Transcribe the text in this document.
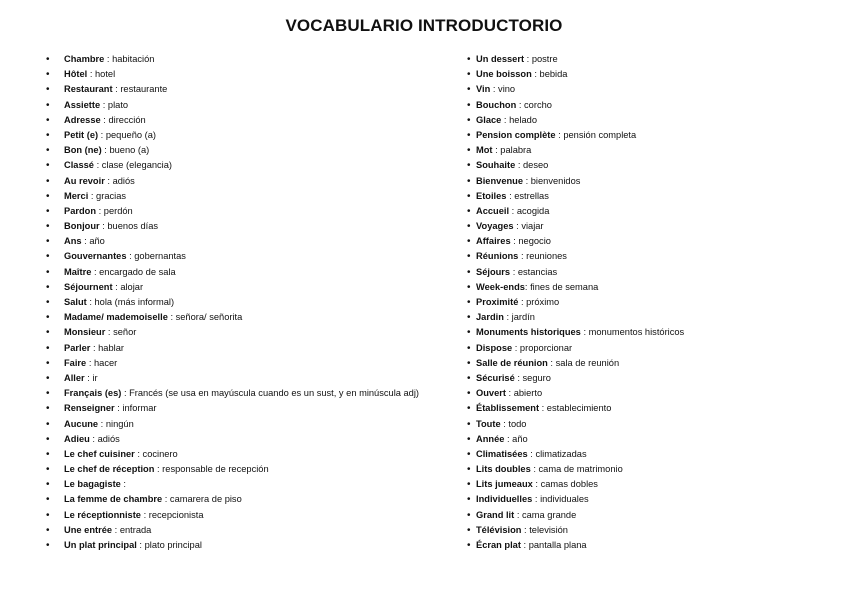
VOCABULARIO INTRODUCTORIO
• Chambre : habitación
• Hôtel : hotel
• Restaurant : restaurante
• Assiette : plato
• Adresse : dirección
• Petit (e) : pequeño (a)
• Bon (ne) : bueno (a)
• Classé : clase (elegancia)
• Au revoir : adiós
• Merci : gracias
• Pardon : perdón
• Bonjour : buenos días
• Ans : año
• Gouvernantes : gobernantas
• Maître : encargado de sala
• Séjournent : alojar
• Salut : hola (más informal)
• Madame/ mademoiselle : señora/ señorita
• Monsieur : señor
• Parler : hablar
• Faire : hacer
• Aller : ir
• Français (es) : Francés (se usa en mayúscula cuando es un sust, y en minúscula adj)
• Renseigner : informar
• Aucune : ningún
• Adieu : adiós
• Le chef cuisiner : cocinero
• Le chef de réception : responsable de recepción
• Le bagagiste :
• La femme de chambre : camarera de piso
• Le réceptionniste : recepcionista
• Une entrée : entrada
• Un plat principal : plato principal
• Un dessert : postre
• Une boisson : bebida
• Vin : vino
• Bouchon : corcho
• Glace : helado
• Pension complète : pensión completa
• Mot : palabra
• Souhaite : deseo
• Bienvenue : bienvenidos
• Etoiles : estrellas
• Accueil : acogida
• Voyages : viajar
• Affaires : negocio
• Réunions : reuniones
• Séjours : estancias
• Week-ends: fines de semana
• Proximité : próximo
• Jardin : jardín
• Monuments historiques : monumentos históricos
• Dispose : proporcionar
• Salle de réunion : sala de reunión
• Sécurisé : seguro
• Ouvert : abierto
• Établissement : establecimiento
• Toute : todo
• Année : año
• Climatisées : climatizadas
• Lits doubles : cama de matrimonio
• Lits jumeaux : camas dobles
• Individuelles : individuales
• Grand lit : cama grande
• Télévision : televisión
• Écran plat : pantalla plana
